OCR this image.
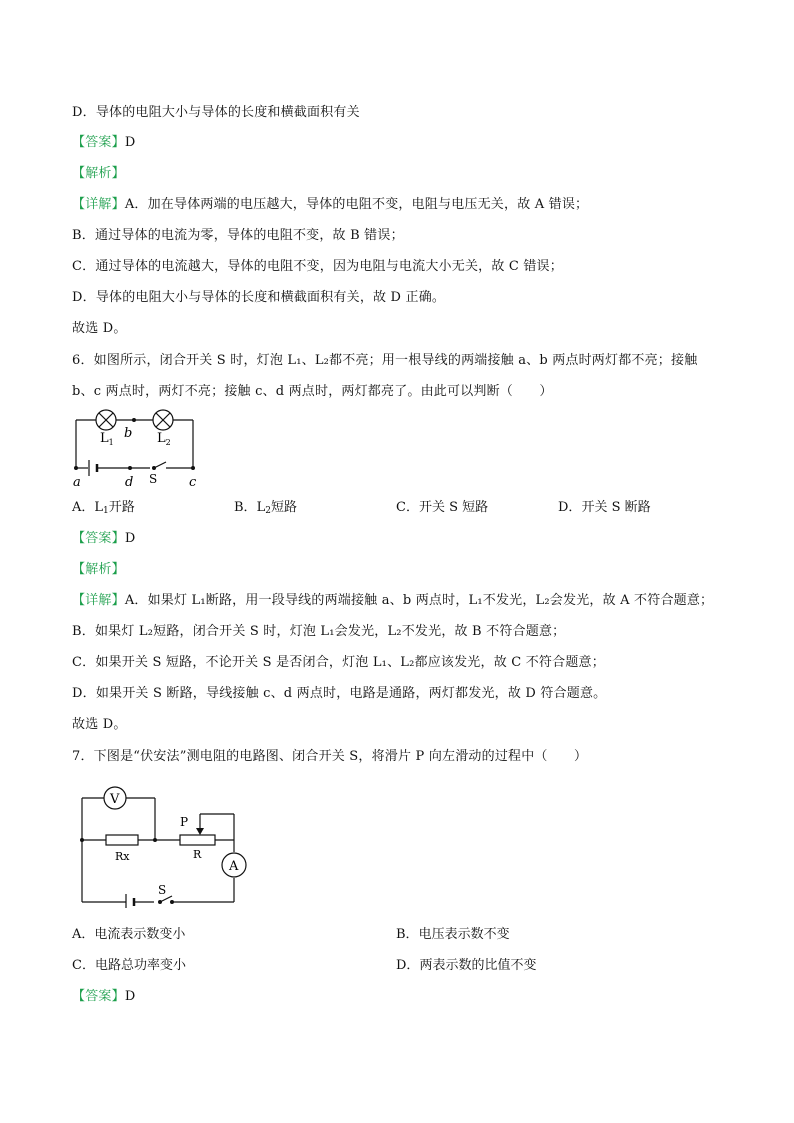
D．导体的电阻大小与导体的长度和横截面积有关
【答案】D
【解析】
【详解】A．加在导体两端的电压越大，导体的电阻不变，电阻与电压无关，故 A 错误；
B．通过导体的电流为零，导体的电阻不变，故 B 错误；
C．通过导体的电流越大，导体的电阻不变，因为电阻与电流大小无关，故 C 错误；
D．导体的电阻大小与导体的长度和横截面积有关，故 D 正确。
故选 D。
6．如图所示，闭合开关 S 时，灯泡 L₁、L₂都不亮；用一根导线的两端接触 a、b 两点时两灯都不亮；接触
b、c 两点时，两灯不亮；接触 c、d 两点时，两灯都亮了。由此可以判断（　　）
$L_1$	$L_2$
b
a	d	c
S
A．$L_1$开路	B．$L_2$短路	C．开关 S 短路	D．开关 S 断路
【答案】D
【解析】
【详解】A．如果灯 L₁断路，用一段导线的两端接触 a、b 两点时，L₁不发光，L₂会发光，故 A 不符合题意；
B．如果灯 L₂短路，闭合开关 S 时，灯泡 L₁会发光，L₂不发光，故 B 不符合题意；
C．如果开关 S 短路，不论开关 S 是否闭合，灯泡 L₁、L₂都应该发光，故 C 不符合题意；
D．如果开关 S 断路，导线接触 c、d 两点时，电路是通路，两灯都发光，故 D 符合题意。
故选 D。
7．下图是“伏安法”测电阻的电路图、闭合开关 S，将滑片 P 向左滑动的过程中（　　）
V
A
Rx	R
P
S
A．电流表示数变小	B．电压表示数不变
C．电路总功率变小	D．两表示数的比值不变
【答案】D
